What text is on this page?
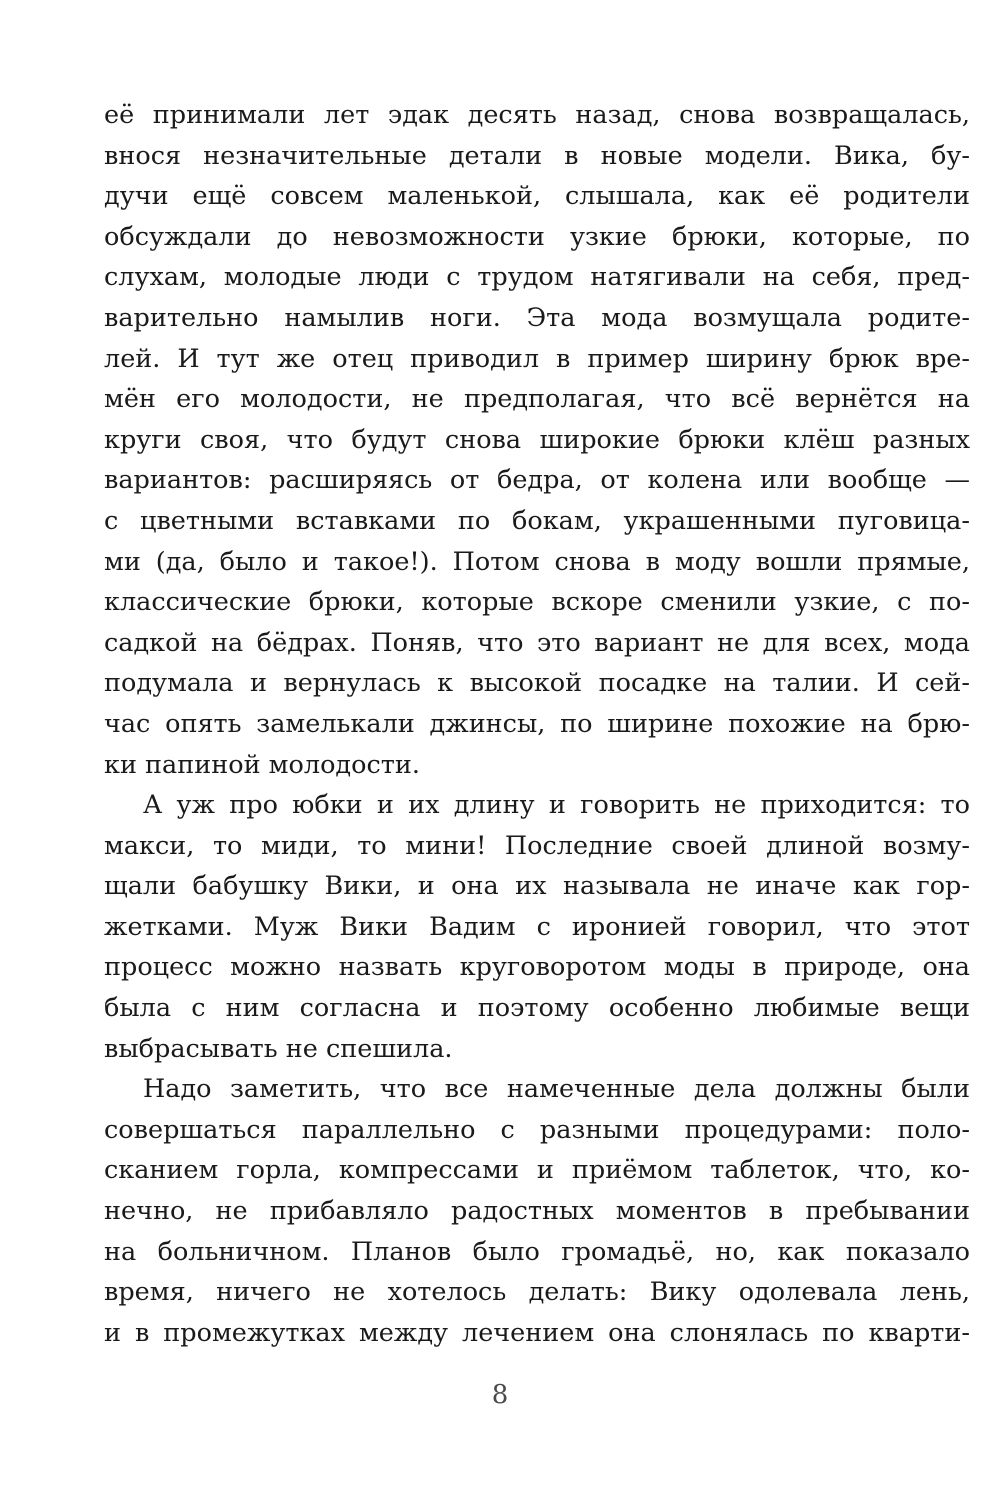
её принимали лет эдак десять назад, снова возвращалась,
внося незначительные детали в новые модели. Вика, бу-
дучи ещё совсем маленькой, слышала, как её родители
обсуждали до невозможности узкие брюки, которые, по
слухам, молодые люди с трудом натягивали на себя, пред-
варительно намылив ноги. Эта мода возмущала родите-
лей. И тут же отец приводил в пример ширину брюк вре-
мён его молодости, не предполагая, что всё вернётся на
круги своя, что будут снова широкие брюки клёш разных
вариантов: расширяясь от бедра, от колена или вообще —
с цветными вставками по бокам, украшенными пуговица-
ми (да, было и такое!). Потом снова в моду вошли прямые,
классические брюки, которые вскоре сменили узкие, с по-
садкой на бёдрах. Поняв, что это вариант не для всех, мода
подумала и вернулась к высокой посадке на талии. И сей-
час опять замелькали джинсы, по ширине похожие на брю-
ки папиной молодости.
А уж про юбки и их длину и говорить не приходится: то
макси, то миди, то мини! Последние своей длиной возму-
щали бабушку Вики, и она их называла не иначе как гор-
жетками. Муж Вики Вадим с иронией говорил, что этот
процесс можно назвать круговоротом моды в природе, она
была с ним согласна и поэтому особенно любимые вещи
выбрасывать не спешила.
Надо заметить, что все намеченные дела должны были
совершаться параллельно с разными процедурами: поло-
сканием горла, компрессами и приёмом таблеток, что, ко-
нечно, не прибавляло радостных моментов в пребывании
на больничном. Планов было громадьё, но, как показало
время, ничего не хотелось делать: Вику одолевала лень,
и в промежутках между лечением она слонялась по кварти-
8
